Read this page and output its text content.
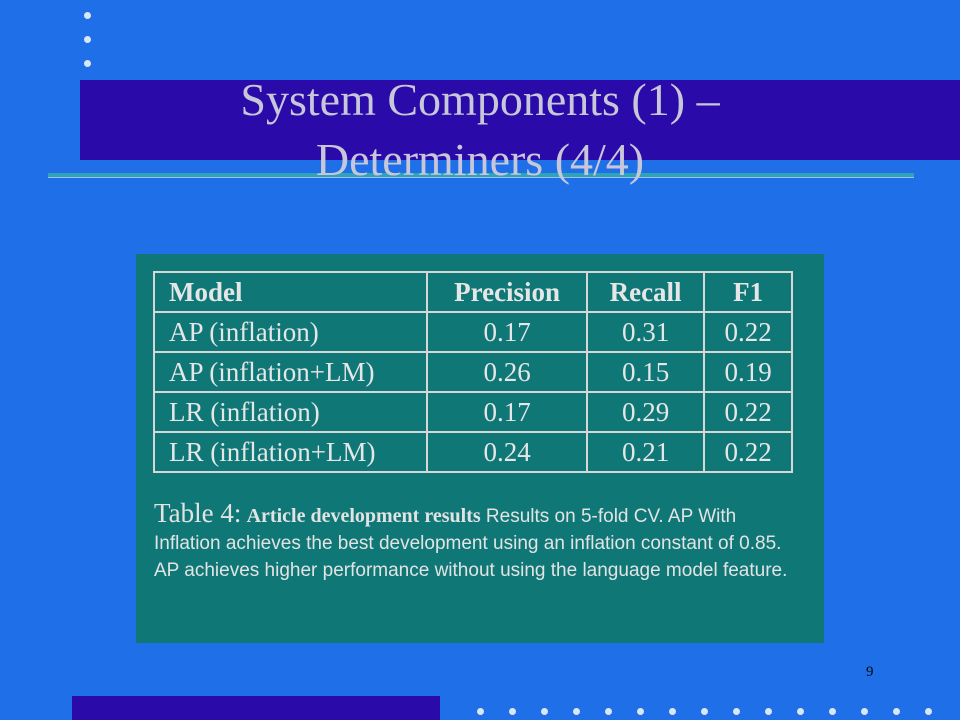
System Components (1) –
Determiners (4/4)
Model	Precision	Recall	F1
AP (inflation)	0.17	0.31	0.22
AP (inflation+LM)	0.26	0.15	0.19
LR (inflation)	0.17	0.29	0.22
LR (inflation+LM)	0.24	0.21	0.22
Table 4: Article development results Results on 5-fold CV. AP With Inflation achieves the best development using an inflation constant of 0.85. AP achieves higher performance without using the language model feature.
9
